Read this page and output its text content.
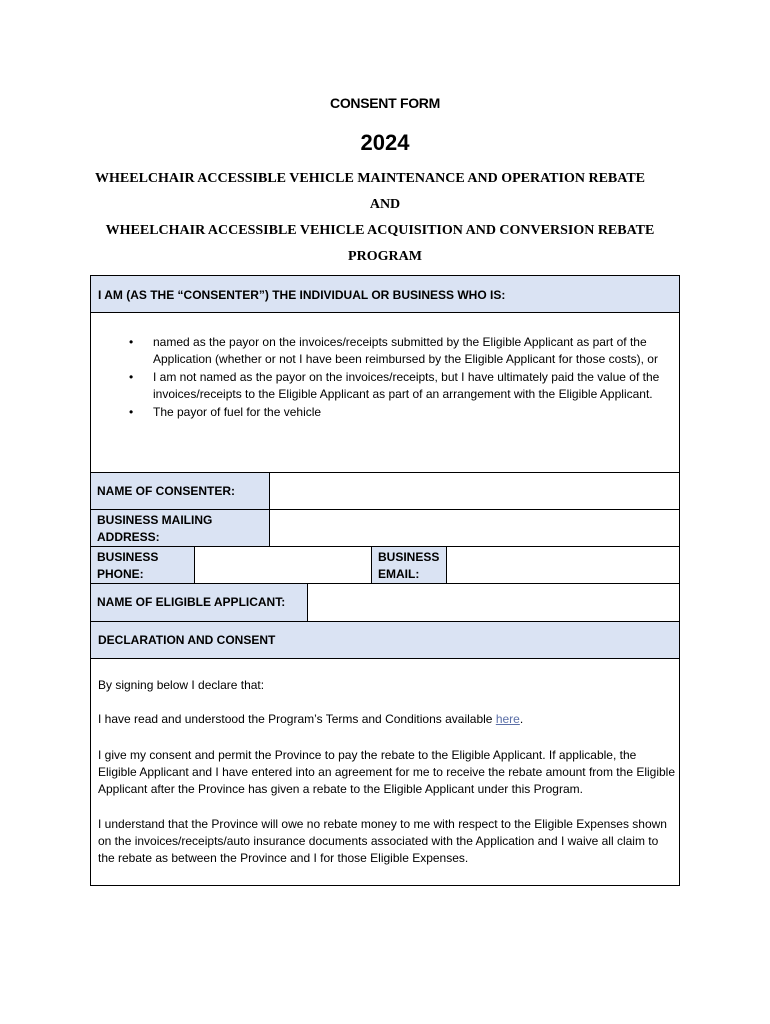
CONSENT FORM
2024
WHEELCHAIR ACCESSIBLE VEHICLE MAINTENANCE AND OPERATION REBATE
AND
WHEELCHAIR ACCESSIBLE VEHICLE ACQUISITION AND CONVERSION REBATE
PROGRAM
I AM (AS THE “CONSENTER”) THE INDIVIDUAL OR BUSINESS WHO IS:
• named as the payor on the invoices/receipts submitted by the Eligible Applicant as part of the Application (whether or not I have been reimbursed by the Eligible Applicant for those costs), or
• I am not named as the payor on the invoices/receipts, but I have ultimately paid the value of the invoices/receipts to the Eligible Applicant as part of an arrangement with the Eligible Applicant.
• The payor of fuel for the vehicle
NAME OF CONSENTER:
BUSINESS MAILING ADDRESS:
BUSINESS PHONE:
BUSINESS EMAIL:
NAME OF ELIGIBLE APPLICANT:
DECLARATION AND CONSENT
By signing below I declare that:
I have read and understood the Program’s Terms and Conditions available here.
I give my consent and permit the Province to pay the rebate to the Eligible Applicant. If applicable, the Eligible Applicant and I have entered into an agreement for me to receive the rebate amount from the Eligible Applicant after the Province has given a rebate to the Eligible Applicant under this Program.
I understand that the Province will owe no rebate money to me with respect to the Eligible Expenses shown on the invoices/receipts/auto insurance documents associated with the Application and I waive all claim to the rebate as between the Province and I for those Eligible Expenses.
